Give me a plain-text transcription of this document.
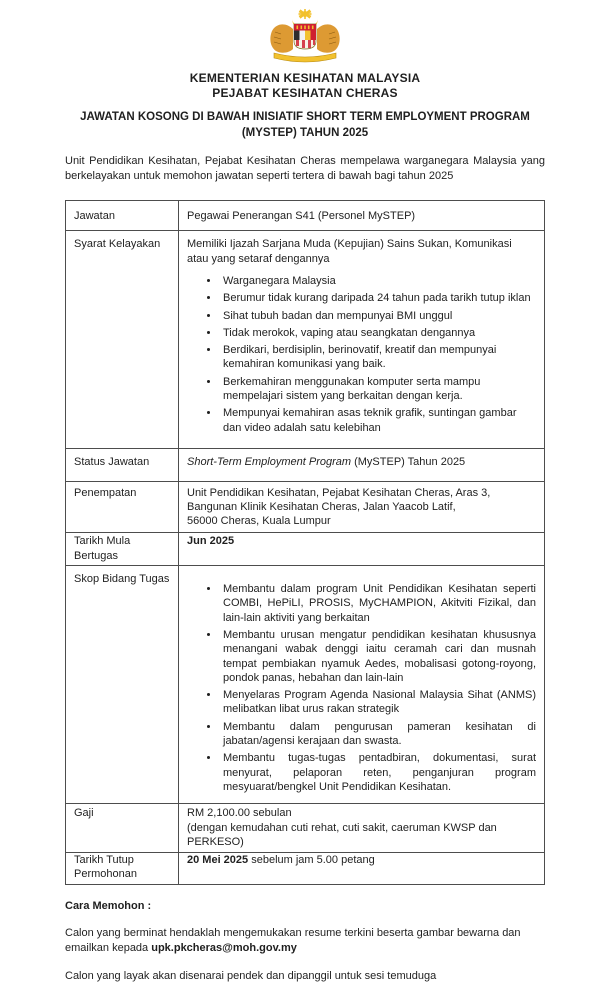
KEMENTERIAN KESIHATAN MALAYSIA
PEJABAT KESIHATAN CHERAS
JAWATAN KOSONG DI BAWAH INISIATIF SHORT TERM EMPLOYMENT PROGRAM
(MYSTEP) TAHUN 2025
Unit Pendidikan Kesihatan, Pejabat Kesihatan Cheras mempelawa warganegara Malaysia yang berkelayakan untuk memohon jawatan seperti tertera di bawah bagi tahun 2025
Jawatan	Pegawai Penerangan S41 (Personel MySTEP)
Syarat Kelayakan	Memiliki Ijazah Sarjana Muda (Kepujian) Sains Sukan, Komunikasi atau yang setaraf dengannya
• Warganegara Malaysia
• Berumur tidak kurang daripada 24 tahun pada tarikh tutup iklan
• Sihat tubuh badan dan mempunyai BMI unggul
• Tidak merokok, vaping atau seangkatan dengannya
• Berdikari, berdisiplin, berinovatif, kreatif dan mempunyai kemahiran komunikasi yang baik.
• Berkemahiran menggunakan komputer serta mampu mempelajari sistem yang berkaitan dengan kerja.
• Mempunyai kemahiran asas teknik grafik, suntingan gambar dan video adalah satu kelebihan

Status Jawatan	Short-Term Employment Program (MySTEP) Tahun 2025
Penempatan	Unit Pendidikan Kesihatan, Pejabat Kesihatan Cheras, Aras 3, Bangunan Klinik Kesihatan Cheras, Jalan Yaacob Latif,
56000 Cheras, Kuala Lumpur

Tarikh Mula Bertugas	Jun 2025
Skop Bidang Tugas	
• Membantu dalam program Unit Pendidikan Kesihatan seperti COMBI, HePiLI, PROSIS, MyCHAMPION, Akitviti Fizikal, dan lain-lain aktiviti yang berkaitan
• Membantu urusan mengatur pendidikan kesihatan khususnya menangani wabak denggi iaitu ceramah cari dan musnah tempat pembiakan nyamuk Aedes, mobalisasi gotong-royong, pondok panas, hebahan dan lain-lain
• Menyelaras Program Agenda Nasional Malaysia Sihat (ANMS) melibatkan libat urus rakan strategik
• Membantu dalam pengurusan pameran kesihatan di jabatan/agensi kerajaan dan swasta.
• Membantu tugas-tugas pentadbiran, dokumentasi, surat menyurat, pelaporan reten, penganjuran program mesyuarat/bengkel Unit Pendidikan Kesihatan.

Gaji	RM 2,100.00 sebulan
(dengan kemudahan cuti rehat, cuti sakit, caeruman KWSP dan PERKESO)

Tarikh Tutup Permohonan	20 Mei 2025 sebelum jam 5.00 petang

Cara Memohon :

Calon yang berminat hendaklah mengemukakan resume terkini beserta gambar bewarna dan emailkan kepada upk.pkcheras@moh.gov.my

Calon yang layak akan disenarai pendek dan dipanggil untuk sesi temuduga
